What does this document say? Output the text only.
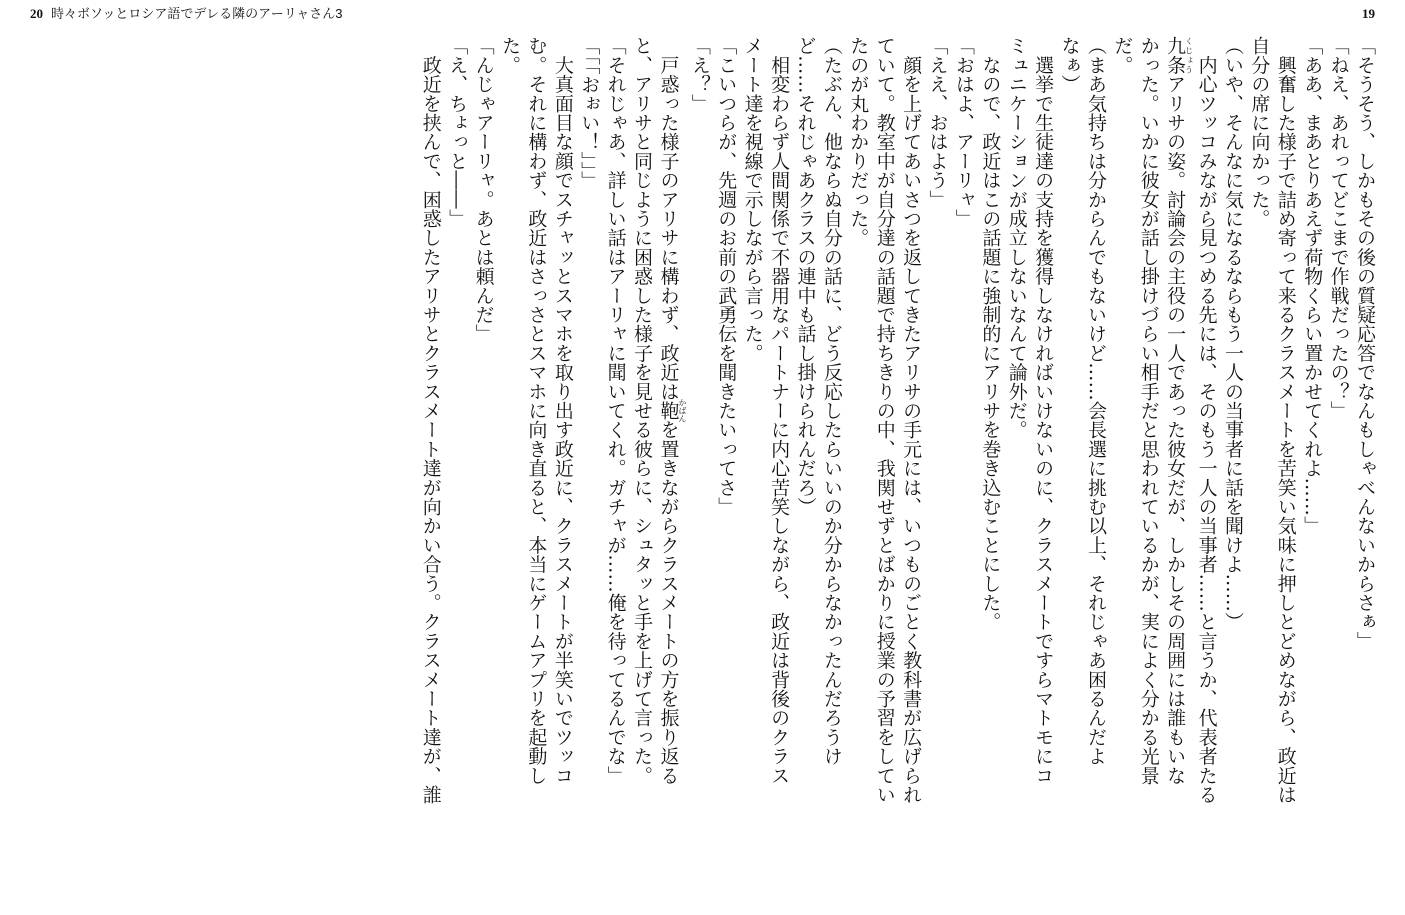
20 時々ボソッとロシア語でデレる隣のアーリャさん3	19

「そうそう、しかもその後の質疑応答でなんもしゃべんないからさぁ」

「ねえ、あれってどこまで作戦だったの？」

「ああ、まあとりあえず荷物くらい置かせてくれよ……」

　興奮した様子で詰め寄って来るクラスメートを苦笑い気味に押しとどめながら、政近は

自分の席に向かった。

（いや、そんなに気になるならもう一人の当事者に話を聞けよ……）

　内心ツッコみながら見つめる先には、そのもう一人の当事者……と言うか、代表者たる

九条くじょうアリサの姿。討論会の主役の一人であった彼女だが、しかしその周囲には誰もいな

かった。いかに彼女が話し掛けづらい相手だと思われているかが、実によく分かる光景

だ。

（まあ気持ちは分からんでもないけど……会長選に挑む以上、それじゃあ困るんだよ

なぁ）

　選挙で生徒達の支持を獲得しなければいけないのに、クラスメートですらマトモにコ

ミュニケーションが成立しないなんて論外だ。

　なので、政近はこの話題に強制的にアリサを巻き込むことにした。

「おはよ、アーリャ」

「ええ、おはよう」

　顔を上げてあいさつを返してきたアリサの手元には、いつものごとく教科書が広げられ

ていて。教室中が自分達の話題で持ちきりの中、我関せずとばかりに授業の予習をしてい

たのが丸わかりだった。

（たぶん、他ならぬ自分の話に、どう反応したらいいのか分からなかったんだろうけ

ど……それじゃあクラスの連中も話し掛けられんだろ）

　相変わらず人間関係で不器用なパートナーに内心苦笑しながら、政近は背後のクラス

メート達を視線で示しながら言った。

「こいつらが、先週のお前の武勇伝を聞きたいってさ」

「え？」

　戸惑った様子のアリサに構わず、政近は鞄かばんを置きながらクラスメートの方を振り返る

と、アリサと同じように困惑した様子を見せる彼らに、シュタッと手を上げて言った。

「それじゃあ、詳しい話はアーリャに聞いてくれ。ガチャが……俺を待ってるんでな」

「「「おぉい！」」」

　大真面目な顔でスチャッとスマホを取り出す政近に、クラスメートが半笑いでツッコ

む。それに構わず、政近はさっさとスマホに向き直ると、本当にゲームアプリを起動し

た。

「んじゃアーリャ。あとは頼んだ」

「え、ちょっと――」

　政近を挟んで、困惑したアリサとクラスメート達が向かい合う。クラスメート達が、誰
